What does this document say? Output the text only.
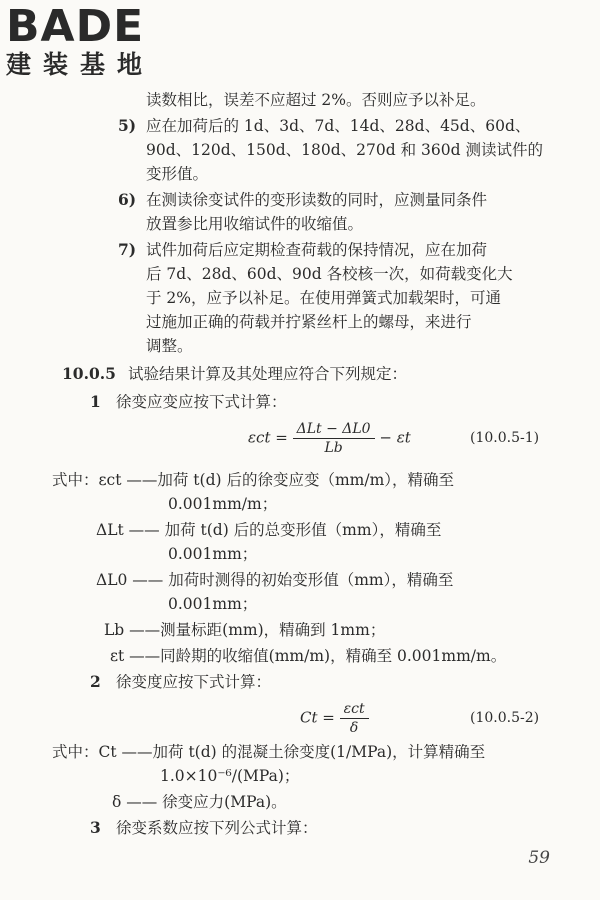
BADE
建装基地
读数相比，误差不应超过 2%。否则应予以补足。
5) 应在加荷后的 1d、3d、7d、14d、28d、45d、60d、
90d、120d、150d、180d、270d 和 360d 测读试件的
变形值。
6) 在测读徐变试件的变形读数的同时，应测量同条件
放置参比用收缩试件的收缩值。
7) 试件加荷后应定期检查荷载的保持情况，应在加荷
后 7d、28d、60d、90d 各校核一次，如荷载变化大
于 2%，应予以补足。在使用弹簧式加载架时，可通
过施加正确的荷载并拧紧丝杆上的螺母，来进行
调整。
10.0.5 试验结果计算及其处理应符合下列规定：
1 徐变应变应按下式计算：
$\varepsilon ct = \frac{\text{ΔLt − ΔL0}}{Lb} - \varepsilon t$	(10.0.5-1)
式中：εct ——加荷 t(d) 后的徐变应变（mm/m），精确至
0.001mm/m；
ΔLt —— 加荷 t(d) 后的总变形值（mm），精确至
0.001mm；
ΔL0 —— 加荷时测得的初始变形值（mm），精确至
0.001mm；
Lb ——测量标距(mm)，精确到 1mm；
εt ——同龄期的收缩值(mm/m)，精确至 0.001mm/m。
2 徐变度应按下式计算：
$Ct = \frac{\text{εct}}{\delta}$	(10.0.5-2)
式中：Ct ——加荷 t(d) 的混凝土徐变度(1/MPa)，计算精确至
1.0×10⁻⁶/(MPa)；
δ —— 徐变应力(MPa)。
3 徐变系数应按下列公式计算：
59
